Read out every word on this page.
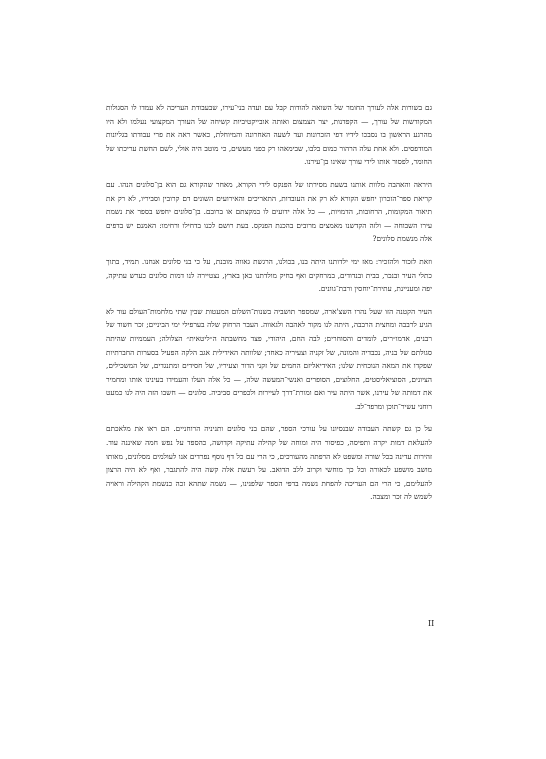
גם בשורות אלה לעורך החומר של השואה להודות קבל עם ועדה בני־עירו, שבעבודת העריכה לא עמדו לו הסגולות המקודשות של עורך, — הקפדנות, יצר הצמצום ואותה אובייקטיביות קשיחה של העורך המקצועי נעלמו ולא היו מהרגע הראשון בו נסבכו לידיו דפי הזכרונות ועד לשעה האחרונה והמיוחלת, כאשר ראה את פרי עבודתו בגליונות המודפסים. ולא אחת עלה הרהור כמום בלבו, שבימאהו רק כפני מעשים, כי מוטב היה אולי, לשם החשת עריכתו של החומר, לפסור אותו לידי עורך שאינו בן־עירנו.

היראה והאהבה מלוות אותנו בשעת מסירתו של הפנקס לידי הקורא, מאחר שהקורא גם הוא בן־סלונים הנהו. עם קריאת ספר־הזכרון יחפש הקורא לא רק את העובדות, התאריכים והאירועים השונים דם קרובין וסביריו, לא רק את תיאור המקומות, הרחובות, הדמויות, — כל אלה ידועים לו במקצתם או ברובם. בן־סלונים יחפש בספר את נשמת עירו השבוחה — ולזה הקדשנו מאמצים מרובים בהכנת הפנקס. בעת רושם לכנו בדחילו ורחימו: האמנם יש בדפים אלה מנשמת סלונים?

וזאת לזכור ולהזכיר: מאז ימי ילדותנו היתה בנו, בכולנו, הרגשת גאווה מובנת, על כי בני סלונים אנחנו. תמיד, בתוך כתלי העיר ובנכר, בבית ובנדודים, במרחקים ואף בחיק מולדתנו כאן בארץ, נצטיירה לנו דמות סלונים כערש עתיקה, יפה ומעניינת, עתירת־יוחסין ורבת־גוונים.

העיר הקטנה הזו שעל נהרו השצ'ארה, שמספר תושביה בשנות־השלום המעטות שבין שתי מלחמות־העולם עוד לא הגיע לרבבה ומחצית הרבבה, היתה לנו מקור לאהבה ולגאווה. העבר הרחוק שלה בערפילי ימי הביניים; זכר חשוד של רבנים, אדמו״רים, לומדים והסוחרים; לבה החם, היהודי, פצד מחשבתה ה״ליטאית״ הצלולה; העממיות שהיתה סגולתם של בניה, נכבדיה והמונה, של זקניה וצעיריה כאחד; שלוותה האידילית אגב הלקה הפעיל בסערות החברתיות שפקדו את המאה הנוכחית שלנו; האידיאליזם החמים של זקני הדור וצעיריו, של חסידים ומתנגדים, של המשכילים, הציונים, הסוציאליסטים, החלוצים, הסופרים ואנשי־המעשה שלה, — כל אלה העלו והעמידו בעינינו אותו ומחמיר את דמותה של עירנו, אשר היתה עיר ואם ומורת־דרך לעיירות ולכפרים סביביה. סלונים — חשבו הזה היה לנו כמעט רוחני עשיר־תוכן ומרפד־לב.

על כן גם קשתה העבודה שבנסיונו על עורכי הספר, שהם בני סלונים ותניניה הרוחניים. הם ראו את מלאכתם להעלאת דמות יקרה ותפיסה, כפיסור היה ומוחה של קהילה עתיקה וקדושה, כהספד על נפש חמה שאיננה עוד. זהירות עדינה בכל שורה ומשפט לא הרפתה מהעורכים, כי הרי עם כל דף נוסף נפרדים אנו לעולמים מסלונים, מאותו מושב מושפע לכאורה וכל כך מוחשי וקרוב ללב הדואב. על רעשת אלה קשה היה להתגבר, ואף לא היה הרצון להעלימם, כי הרי הם העריכה להפחת נשמה בדפי הספר שלפנינו, — נשמה שתהא זכה כנשמת הקהילה וראויה לשמש לה זכר ומצבה.

II
